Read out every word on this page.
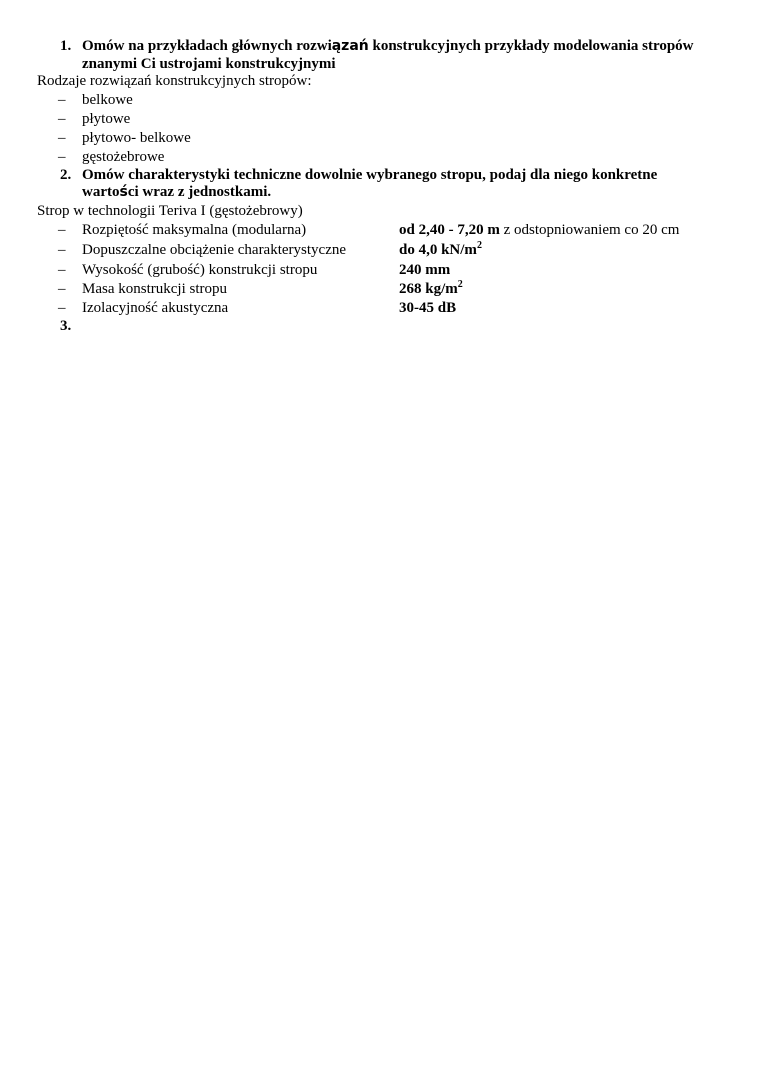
1. Omów na przykładach głównych rozwiązań konstrukcyjnych przykłady modelowania stropów
znanymi Ci ustrojami konstrukcyjnymi
Rodzaje rozwiązań konstrukcyjnych stropów:
– belkowe
– płytowe
– płytowo- belkowe
– gęstożebrowe
2. Omów charakterystyki techniczne dowolnie wybranego stropu, podaj dla niego konkretne
wartości wraz z jednostkami.
Strop w technologii Teriva I (gęstożebrowy)
– Rozpiętość maksymalna (modularna)	od 2,40 - 7,20 m z odstopniowaniem co 20 cm
– Dopuszczalne obciążenie charakterystyczne	do 4,0 $kN/m^2$
– Wysokość (grubość) konstrukcji stropu	240 mm
– Masa konstrukcji stropu	268 $kg/m^2$
– Izolacyjność akustyczna	30-45 dB
3.
